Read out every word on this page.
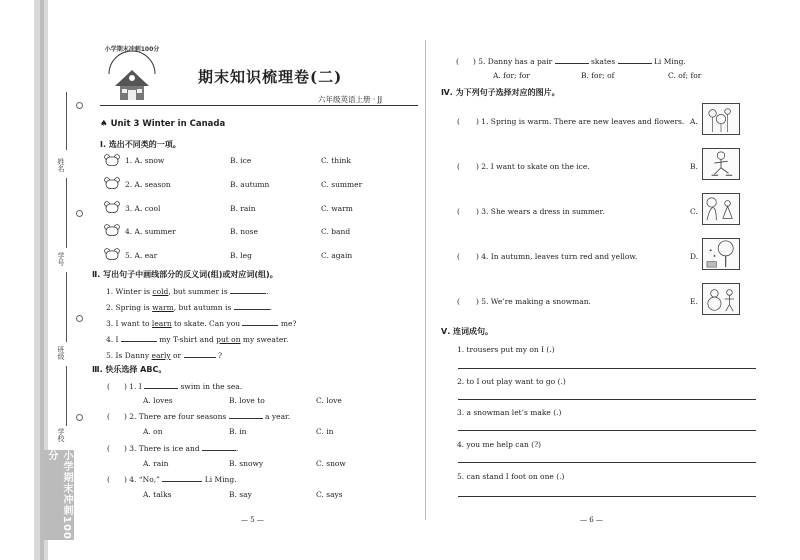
姓名
学号
班级
学校
小学期末冲刺100分
期末知识梳理卷(二)
六年级英语上册 · JJ
♠ Unit 3 Winter in Canada
Ⅰ. 选出不同类的一项。
1. A. snow	B. ice	C. think
2. A. season	B. autumn	C. summer
3. A. cool	B. rain	C. warm
4. A. summer	B. nose	C. band
5. A. ear	B. leg	C. again
Ⅱ. 写出句子中画线部分的反义词(组)或对应词(组)。
1. Winter is cold, but summer is	.
2. Spring is warm, but autumn is	.
3. I want to learn to skate. Can you	me?
4. I	my T-shirt and put on my sweater.
5. Is Danny early or	?
Ⅲ. 快乐选择 ABC。
( ) 1. I	swim in the sea.
A. loves	B. love to	C. love
( ) 2. There are four seasons	a year.
A. on	B. in	C. in
( ) 3. There is ice and	.
A. rain	B. snowy	C. snow
( ) 4. “No,”	Li Ming.
A. talks	B. say	C. says
— 5 —
( ) 5. Danny has a pair	skates	Li Ming.
A. for; for	B. for; of	C. of; for
Ⅳ. 为下列句子选择对应的图片。
( ) 1. Spring is warm. There are new leaves and flowers. A.
( ) 2. I want to skate on the ice.	B.
( ) 3. She wears a dress in summer.	C.
( ) 4. In autumn, leaves turn red and yellow.	D.
( ) 5. We’re making a snowman.	E.
Ⅴ. 连词成句。
1. trousers put my on I (.)
2. to I out play want to go (.)
3. a snowman let’s make (.)
4. you me help can (?)
5. can stand I foot on one (.)
— 6 —
小学期末冲刺100分
